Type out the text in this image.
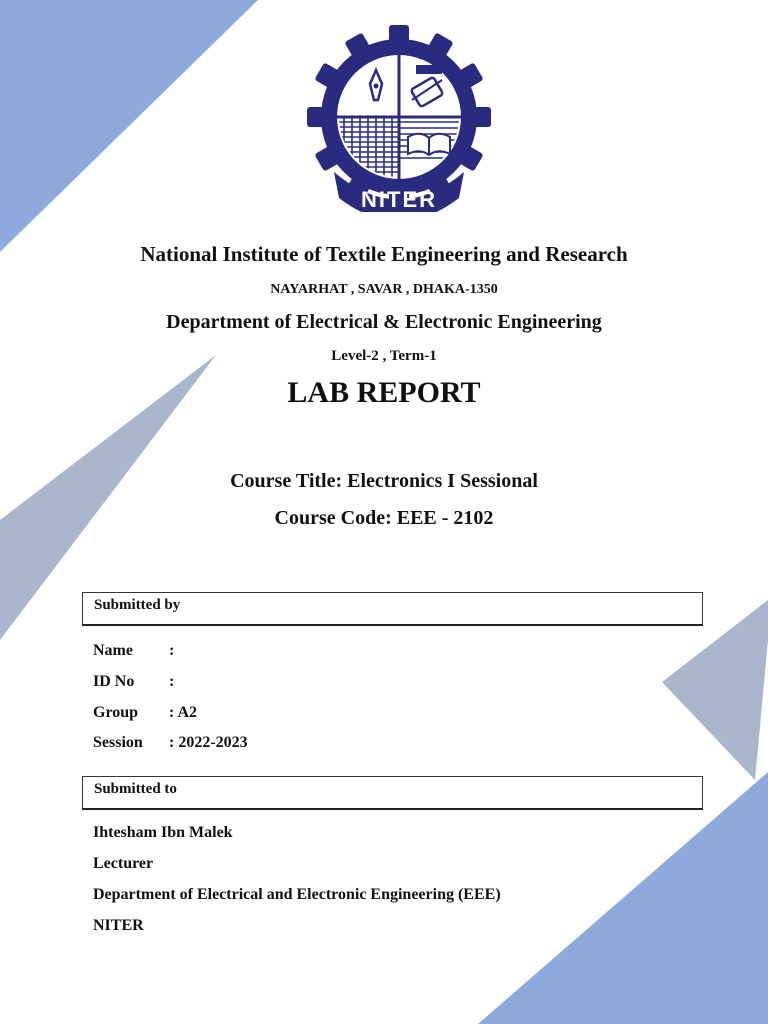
NITER
National Institute of Textile Engineering and Research
NAYARHAT , SAVAR , DHAKA-1350
Department of Electrical & Electronic Engineering
Level-2 , Term-1
LAB REPORT
Course Title: Electronics I Sessional
Course Code: EEE - 2102
Submitted by
Name :
ID No :
Group : A2
Session : 2022-2023
Submitted to
Ihtesham Ibn Malek
Lecturer
Department of Electrical and Electronic Engineering (EEE)
NITER
